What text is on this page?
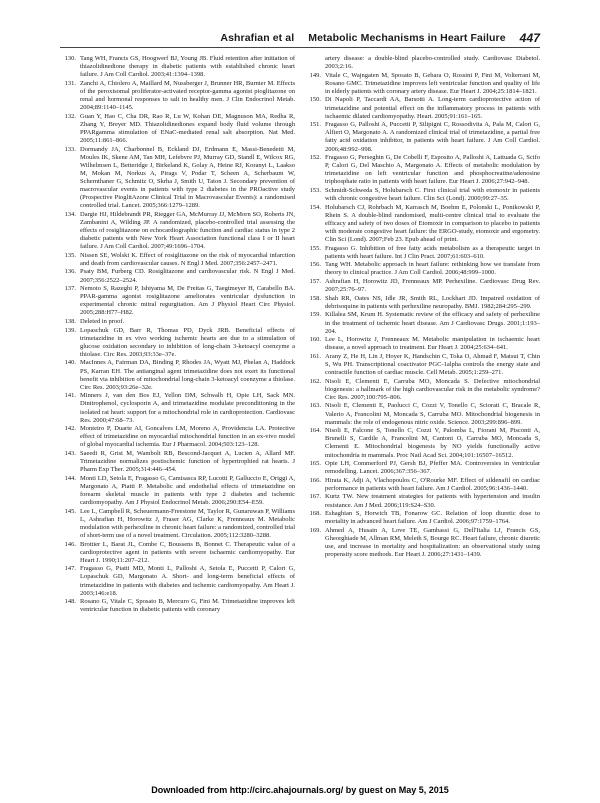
Ashrafian et al Metabolic Mechanisms in Heart Failure 447
130. Tang WH, Francis GS, Hoogwerf BJ, Young JB. Fluid retention after initiation of thiazolidinedione therapy in diabetic patients with established chronic heart failure. J Am Coll Cardiol. 2003;41:1394–1398.
131. Zanchi A, Chiolero A, Maillard M, Nussberger J, Brunner HR, Burnier M. Effects of the peroxisomal proliferator-activated receptor-gamma agonist pioglitazone on renal and hormonal responses to salt in healthy men. J Clin Endocrinol Metab. 2004;89:1140–1145.
132. Guan Y, Hao C, Cha DR, Rao R, Lu W, Kohan DE, Magnuson MA, Redha R, Zhang Y, Breyer MD. Thiazolidinediones expand body fluid volume through PPARgamma stimulation of ENaC-mediated renal salt absorption. Nat Med. 2005;11:861–866.
133. Dormandy JA, Charbonnel B, Eckland DJ, Erdmann E, Massi-Benedetti M, Moules IK, Skene AM, Tan MH, Lefebvre PJ, Murray GD, Standl E, Wilcox RG, Wilhelmsen L, Betteridge J, Birkeland K, Golay A, Heine RJ, Koranyi L, Laakso M, Mokan M, Norkus A, Pirags V, Podar T, Scheen A, Scherbaum W, Schernthaner G, Schmitz O, Skrha J, Smith U, Taton J. Secondary prevention of macrovascular events in patients with type 2 diabetes in the PROactive study (Prospective PioglitAzone Clinical Trial in Macrovascular Events): a randomised controlled trial. Lancet. 2005;366:1279–1289.
134. Dargie HJ, Hildebrandt PR, Riegger GA, McMurray JJ, McMorn SO, Roberts JN, Zambanini A, Wilding JP. A randomized, placebo-controlled trial assessing the effects of rosiglitazone on echocardiographic function and cardiac status in type 2 diabetic patients with New York Heart Association functional class I or II heart failure. J Am Coll Cardiol. 2007;49:1696–1704.
135. Nissen SE, Wolski K. Effect of rosiglitazone on the risk of myocardial infarction and death from cardiovascular causes. N Engl J Med. 2007;356:2457–2471.
136. Psaty BM, Furberg CD. Rosiglitazone and cardiovascular risk. N Engl J Med. 2007;356:2522–2524.
137. Nemoto S, Razeghi P, Ishiyama M, De Freitas G, Taegtmeyer H, Carabello BA. PPAR-gamma agonist rosiglitazone ameliorates ventricular dysfunction in experimental chronic mitral regurgitation. Am J Physiol Heart Circ Physiol. 2005;288:H77–H82.
138. Deleted in proof.
139. Lopaschuk GD, Barr R, Thomas PD, Dyck JRB. Beneficial effects of trimetazidine in ex vivo working ischemic hearts are due to a stimulation of glucose oxidation secondary to inhibition of long-chain 3-ketoacyl coenzyme a thiolase. Circ Res. 2003;93:33e–37e.
140. MacInnes A, Fairman DA, Binding P, Rhodes JA, Wyatt MJ, Phelan A, Haddock PS, Karran EH. The antianginal agent trimetazidine does not exert its functional benefit via inhibition of mitochondrial long-chain 3-ketoacyl coenzyme a thiolase. Circ Res. 2003;93:26e–32e.
141. Minners J, van den Bos EJ, Yellon DM, Schwalb H, Opie LH, Sack MN. Dinitrophenol, cyclosporin A, and trimetazidine modulate preconditioning in the isolated rat heart: support for a mitochondrial role in cardioprotection. Cardiovasc Res. 2000;47:68–73.
142. Monteiro P, Duarte AI, Goncalves LM, Moreno A, Providencia LA. Protective effect of trimetazidine on myocardial mitochondrial function in an ex-vivo model of global myocardial ischemia. Eur J Pharmacol. 2004;503:123–128.
143. Saeedi R, Grist M, Wambolt RB, Bescond-Jacquet A, Lucien A, Allard MF. Trimetazidine normalizes postischemic function of hypertrophied rat hearts. J Pharm Exp Ther. 2005;314:446–454.
144. Monti LD, Setola E, Fragasso G, Camisasca RP, Lucotti P, Galluccio E, Origgi A, Margonato A, Piatti P. Metabolic and endothelial effects of trimetazidine on forearm skeletal muscle in patients with type 2 diabetes and ischemic cardiomyopathy. Am J Physiol Endocrinol Metab. 2006;290:E54–E59.
145. Lee L, Campbell R, Scheuermann-Freestone M, Taylor R, Gunaruwan P, Williams L, Ashrafian H, Horowitz J, Fraser AG, Clarke K, Frenneaux M. Metabolic modulation with perhexiline in chronic heart failure: a randomized, controlled trial of short-term use of a novel treatment. Circulation. 2005;112:3280–3288.
146. Brottier L, Barat JL, Combe C, Boussens B, Bonnet C. Therapeutic value of a cardioprotective agent in patients with severe ischaemic cardiomyopathy. Eur Heart J. 1990;11:207–212.
147. Fragasso G, Piatti MD, Monti L, Palloshi A, Setola E, Puccetti P, Calori G, Lopaschuk GD, Margonato A. Short- and long-term beneficial effects of trimetazidine in patients with diabetes and ischemic cardiomyopathy. Am Heart J. 2003;146:e18.
148. Rosano G, Vitale C, Sposato B, Mercuro G, Fini M. Trimetazidine improves left ventricular function in diabetic patients with coronary
artery disease: a double-blind placebo-controlled study. Cardiovasc Diabetol. 2003;2:16.
149. Vitale C, Wajngaten M, Sposato B, Gebara O, Rossini P, Fini M, Volterrani M, Rosano GMC. Trimetazidine improves left ventricular function and quality of life in elderly patients with coronary artery disease. Eur Heart J. 2004;25:1814–1821.
150. Di Napoli P, Taccardi AA, Barsotti A. Long-term cardioprotective action of trimetazidine and potential effect on the inflammatory process in patients with ischaemic dilated cardiomyopathy. Heart. 2005;91:161–165.
151. Fragasso G, Palloshi A, Puccetti P, Silipigni C, Rossodivita A, Pala M, Calori G, Alfieri O, Margonato A. A randomized clinical trial of trimetazidine, a partial free fatty acid oxidation inhibitor, in patients with heart failure. J Am Coll Cardiol. 2006;48:992–998.
152. Fragasso G, Perseghin G, De Cobelli F, Esposito A, Palloshi A, Lattuada G, Scifo P, Calori G, Del Maschio A, Margonato A. Effects of metabolic modulation by trimetazidine on left ventricular function and phosphocreatine/adenosine triphosphate ratio in patients with heart failure. Eur Heart J. 2006;27:942–948.
153. Schmidt-Schweda S, Holubarsch C. First clinical trial with etomoxir in patients with chronic congestive heart failure. Clin Sci (Lond). 2000;99:27–35.
154. Holubarsch CJ, Rohrbach M, Karrasch M, Boehm E, Polonski L, Ponikowski P, Rhein S. A double-blind randomised, multi-centre clinical trial to evaluate the efficacy and safety of two doses of Etomoxir in comparison to placebo in patients with moderate congestive heart failure: the ERGO-study, etomoxir and ergometry. Clin Sci (Lond). 2007;Feb 23. Epub ahead of print.
155. Fragasso G. Inhibition of free fatty acids metabolism as a therapeutic target in patients with heart failure. Int J Clin Pract. 2007;61:603–610.
156. Tang WH. Metabolic approach in heart failure: rethinking how we translate from theory to clinical practice. J Am Coll Cardiol. 2006;48:999–1000.
157. Ashrafian H, Horowitz JD, Frenneaux MP. Perhexiline. Cardiovasc Drug Rev. 2007;25:76–97.
158. Shah RR, Oates NS, Idle JR, Smith RL, Lockhart JD. Impaired oxidation of debrisoquine in patients with perhexiline neuropathy. BMJ. 1982;284:295–299.
159. Killalea SM, Krum H. Systematic review of the efficacy and safety of perhexiline in the treatment of ischemic heart disease. Am J Cardiovasc Drugs. 2001;1:193–204.
160. Lee L, Horowitz J, Frenneaux M. Metabolic manipulation in ischaemic heart disease, a novel approach to treatment. Eur Heart J. 2004;25:634–641.
161. Arany Z, He H, Lin J, Hoyer K, Handschin C, Toka O, Ahmad F, Matsui T, Chin S, Wu PH. Transcriptional coactivator PGC-1alpha controls the energy state and contractile function of cardiac muscle. Cell Metab. 2005;1:259–271.
162. Nisoli E, Clementi E, Carruba MO, Moncada S. Defective mitochondrial biogenesis: a hallmark of the high cardiovascular risk in the metabolic syndrome? Circ Res. 2007;100:795–806.
163. Nisoli E, Clementi E, Paolucci C, Cozzi V, Tonello C, Sciorati C, Bracale R, Valerio A, Francolini M, Moncada S, Carruba MO. Mitochondrial biogenesis in mammals: the role of endogenous nitric oxide. Science. 2003;299:896–899.
164. Nisoli E, Falcone S, Tonello C, Cozzi V, Palomba L, Fiorani M, Pisconti A, Brunelli S, Cardile A, Francolini M, Cantoni O, Carruba MO, Moncada S, Clementi E. Mitochondrial biogenesis by NO yields functionally active mitochondria in mammals. Proc Natl Acad Sci. 2004;101:16507–16512.
165. Opie LH, Commerford PJ, Gersh BJ, Pfeffer MA. Controversies in ventricular remodelling. Lancet. 2006;367:356–367.
166. Hirata K, Adji A, Vlachopoulos C, O'Rourke MF. Effect of sildenafil on cardiac performance in patients with heart failure. Am J Cardiol. 2005;96:1436–1440.
167. Kurtz TW. New treatment strategies for patients with hypertension and insulin resistance. Am J Med. 2006;119:S24–S30.
168. Eshaghian S, Horwich TB, Fonarow GC. Relation of loop diuretic dose to mortality in advanced heart failure. Am J Cardiol. 2006;97:1759–1764.
169. Ahmed A, Husain A, Love TE, Gambassi G, Dell'Italia LJ, Francis GS, Gheorghiade M, Allman RM, Meleth S, Bourge RC. Heart failure, chronic diuretic use, and increase in mortality and hospitalization: an observational study using propensity score methods. Eur Heart J. 2006;27:1431–1439.
Downloaded from http://circ.ahajournals.org/ by guest on May 5, 2015
